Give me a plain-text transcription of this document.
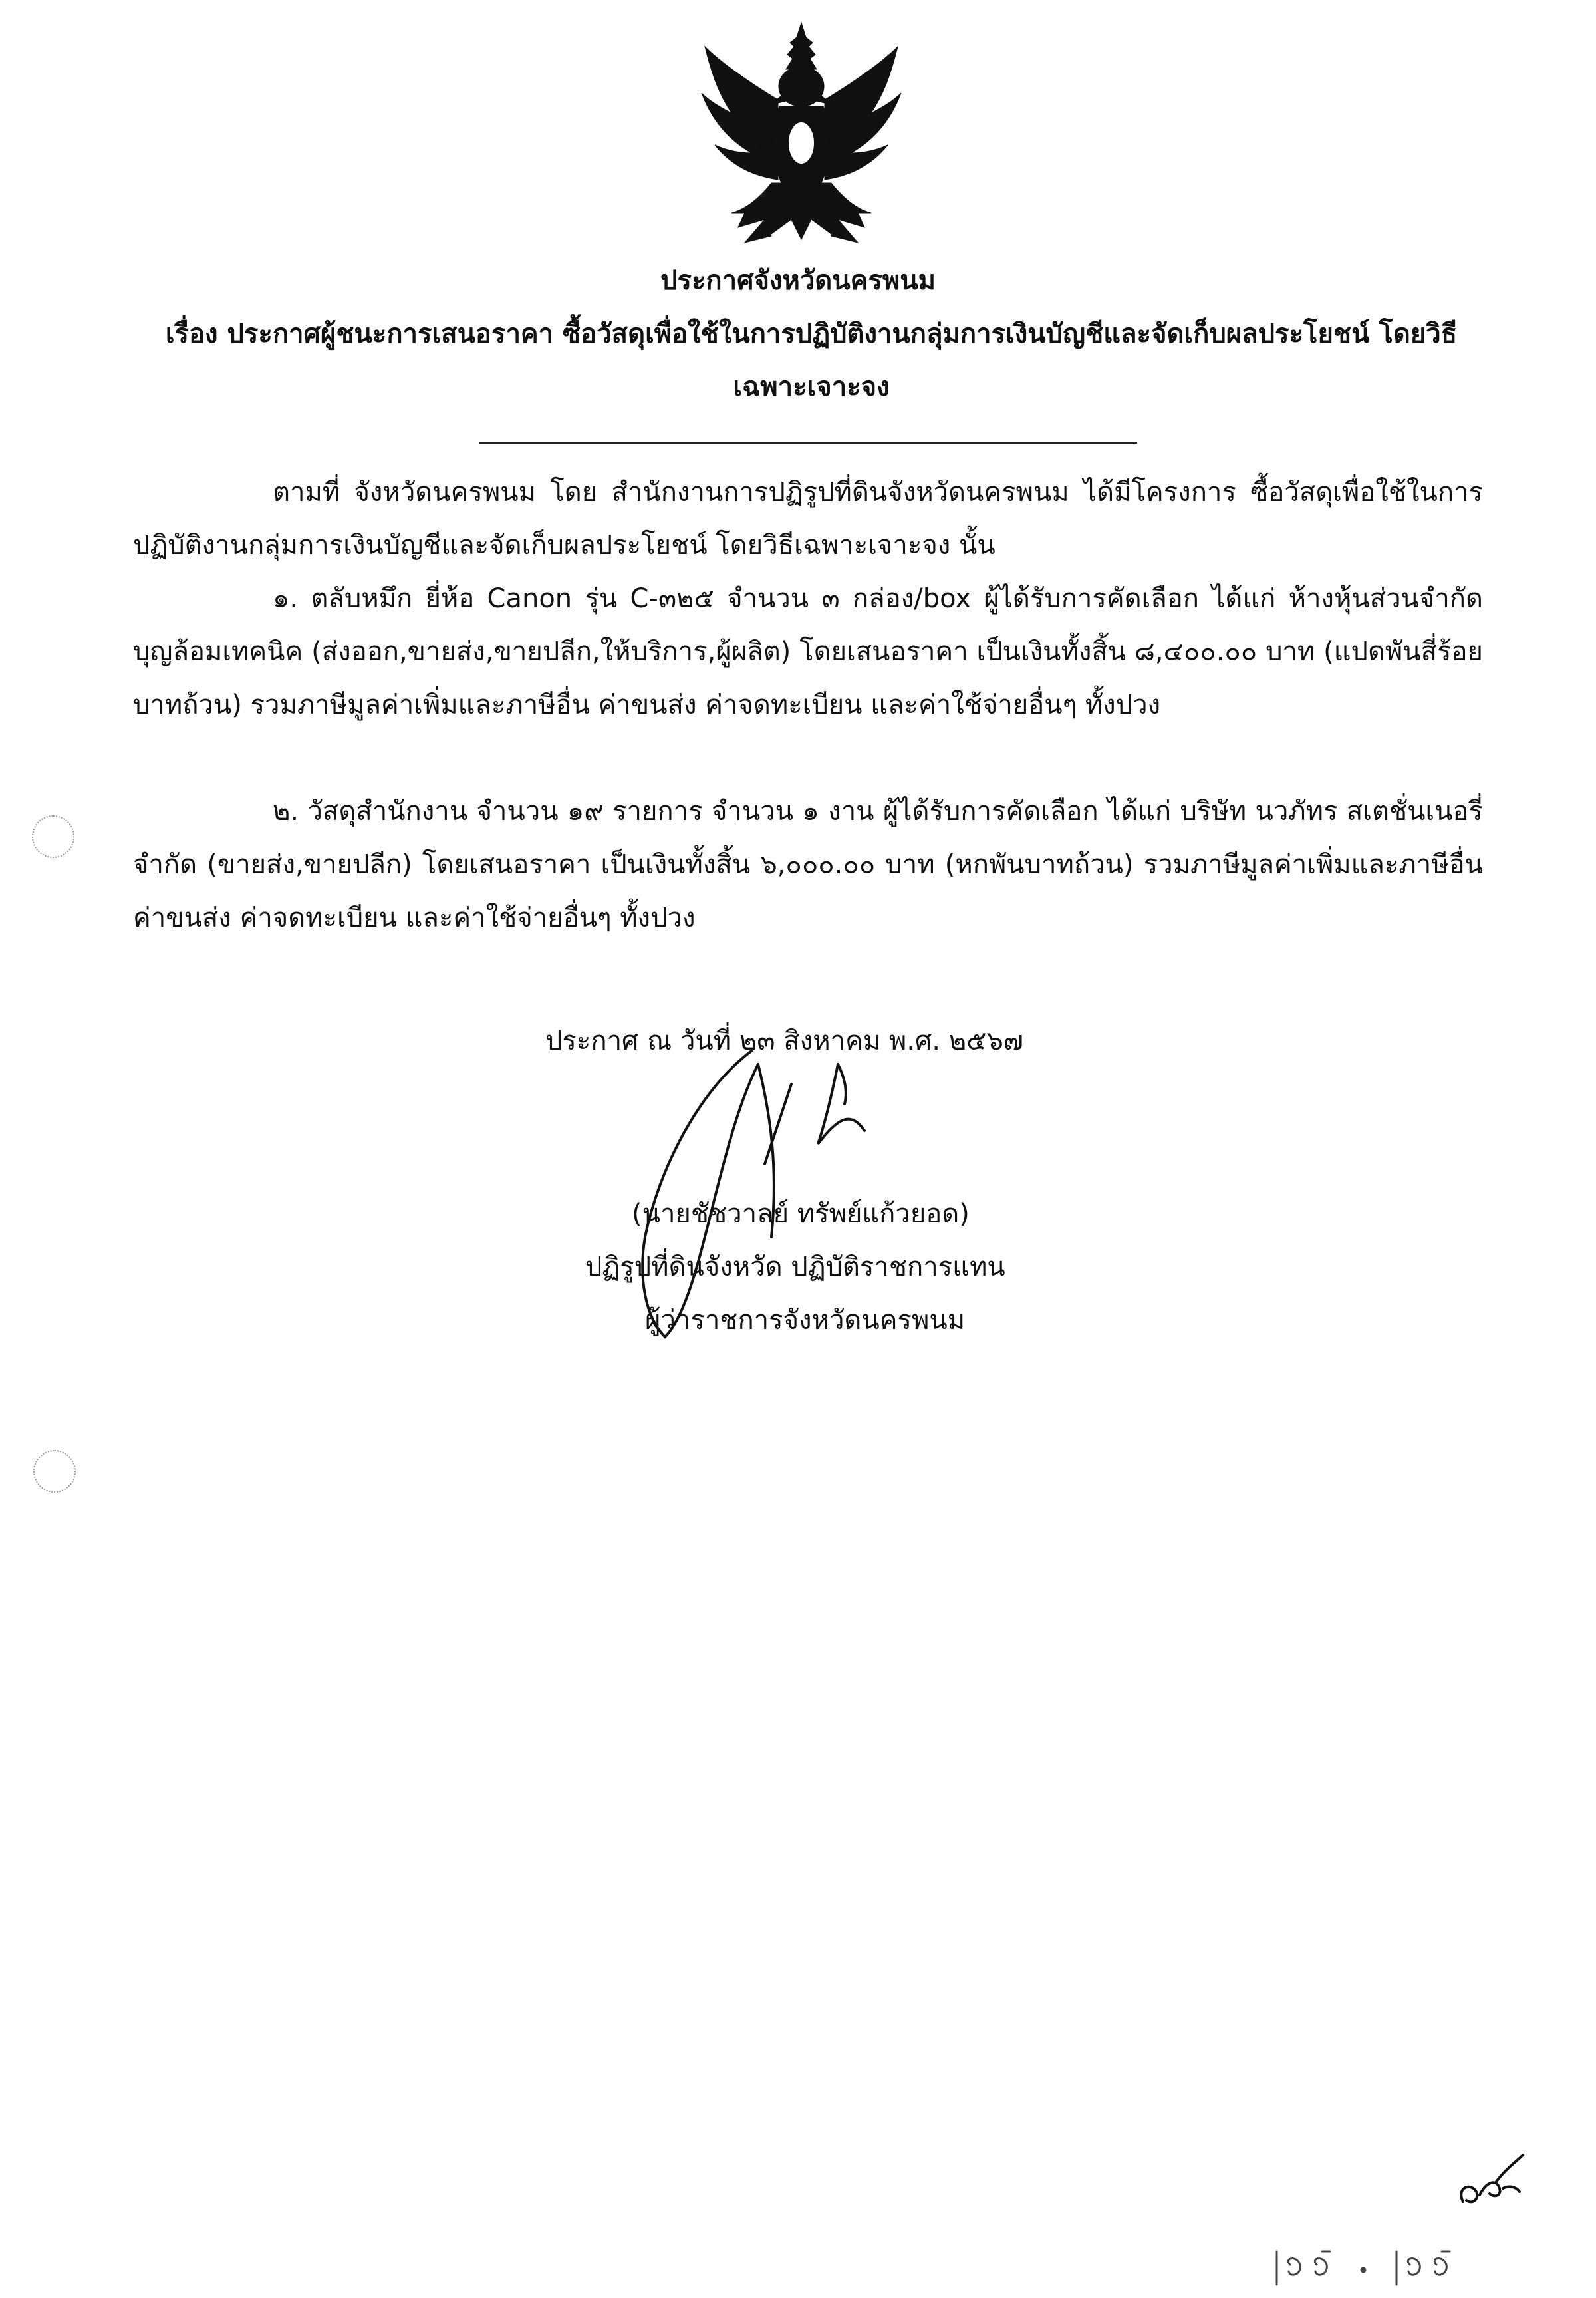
ประกาศจังหวัดนครพนม
เรื่อง ประกาศผู้ชนะการเสนอราคา ซื้อวัสดุเพื่อใช้ในการปฏิบัติงานกลุ่มการเงินบัญชีและจัดเก็บผลประโยชน์ โดยวิธีเฉพาะเจาะจง
ตามที่ จังหวัดนครพนม โดย สำนักงานการปฏิรูปที่ดินจังหวัดนครพนม ได้มีโครงการ ซื้อวัสดุเพื่อใช้ในการปฏิบัติงานกลุ่มการเงินบัญชีและจัดเก็บผลประโยชน์ โดยวิธีเฉพาะเจาะจง นั้น
๑. ตลับหมึก ยี่ห้อ Canon รุ่น C-๓๒๕ จำนวน ๓ กล่อง/box ผู้ได้รับการคัดเลือก ได้แก่ ห้างหุ้นส่วนจำกัด บุญล้อมเทคนิค (ส่งออก,ขายส่ง,ขายปลีก,ให้บริการ,ผู้ผลิต) โดยเสนอราคา เป็นเงินทั้งสิ้น ๘,๔๐๐.๐๐ บาท (แปดพันสี่ร้อยบาทถ้วน) รวมภาษีมูลค่าเพิ่มและภาษีอื่น ค่าขนส่ง ค่าจดทะเบียน และค่าใช้จ่ายอื่นๆ ทั้งปวง
๒. วัสดุสำนักงาน จำนวน ๑๙ รายการ จำนวน ๑ งาน ผู้ได้รับการคัดเลือก ได้แก่ บริษัท นวภัทร สเตชั่นเนอรี่ จำกัด (ขายส่ง,ขายปลีก) โดยเสนอราคา เป็นเงินทั้งสิ้น ๖,๐๐๐.๐๐ บาท (หกพันบาทถ้วน) รวมภาษีมูลค่าเพิ่มและภาษีอื่น ค่าขนส่ง ค่าจดทะเบียน และค่าใช้จ่ายอื่นๆ ทั้งปวง
ประกาศ ณ วันที่ ๒๓ สิงหาคม พ.ศ. ๒๕๖๗
(นายชัชวาลย์ ทรัพย์แก้วยอด)
ปฏิรูปที่ดินจังหวัด ปฏิบัติราชการแทน
ผู้ว่าราชการจังหวัดนครพนม
